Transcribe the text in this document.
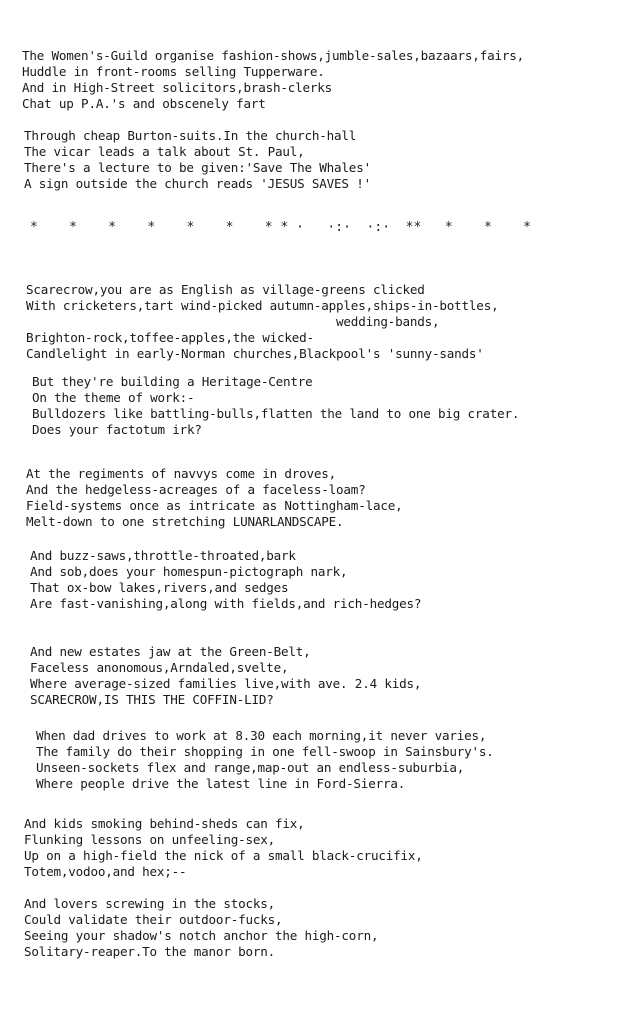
*    *    *    *    *    *    * * ·   ·:·  ·:·  **   *    *    *
The Women's-Guild organise fashion-shows,jumble-sales,bazaars,fairs,
Huddle in front-rooms selling Tupperware.
And in High-Street solicitors,brash-clerks
Chat up P.A.'s and obscenely fart
Through cheap Burton-suits.In the church-hall
The vicar leads a talk about St. Paul,
There's a lecture to be given:'Save The Whales'
A sign outside the church reads 'JESUS SAVES !'
Scarecrow,you are as English as village-greens clicked
With cricketers,tart wind-picked autumn-apples,ships-in-bottles,
wedding-bands,
Brighton-rock,toffee-apples,the wicked-
Candlelight in early-Norman churches,Blackpool's 'sunny-sands'
But they're building a Heritage-Centre
On the theme of work:-
Bulldozers like battling-bulls,flatten the land to one big crater.
Does your factotum irk?
At the regiments of navvys come in droves,
And the hedgeless-acreages of a faceless-loam?
Field-systems once as intricate as Nottingham-lace,
Melt-down to one stretching LUNARLANDSCAPE.
And buzz-saws,throttle-throated,bark
And sob,does your homespun-pictograph nark,
That ox-bow lakes,rivers,and sedges
Are fast-vanishing,along with fields,and rich-hedges?
And new estates jaw at the Green-Belt,
Faceless anonomous,Arndaled,svelte,
Where average-sized families live,with ave. 2.4 kids,
SCARECROW,IS THIS THE COFFIN-LID?
When dad drives to work at 8.30 each morning,it never varies,
The family do their shopping in one fell-swoop in Sainsbury's.
Unseen-sockets flex and range,map-out an endless-suburbia,
Where people drive the latest line in Ford-Sierra.
And kids smoking behind-sheds can fix,
Flunking lessons on unfeeling-sex,
Up on a high-field the nick of a small black-crucifix,
Totem,vodoo,and hex;--
And lovers screwing in the stocks,
Could validate their outdoor-fucks,
Seeing your shadow's notch anchor the high-corn,
Solitary-reaper.To the manor born.
